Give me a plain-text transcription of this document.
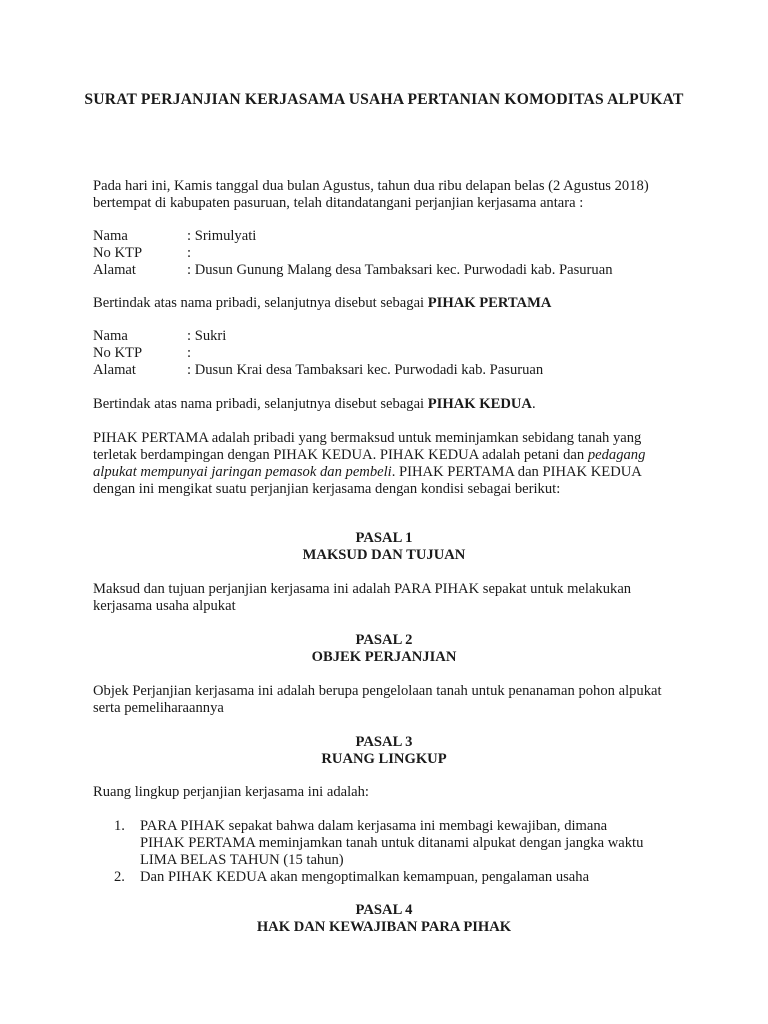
SURAT PERJANJIAN KERJASAMA USAHA PERTANIAN KOMODITAS ALPUKAT
Pada hari ini, Kamis tanggal dua bulan Agustus, tahun dua ribu delapan belas (2 Agustus 2018) bertempat di kabupaten pasuruan, telah ditandatangani perjanjian kerjasama antara :
Nama	: Srimulyati
No KTP	:
Alamat	: Dusun Gunung Malang desa Tambaksari kec. Purwodadi kab. Pasuruan
Bertindak atas nama pribadi, selanjutnya disebut sebagai PIHAK PERTAMA
Nama	: Sukri
No KTP	:
Alamat	: Dusun Krai desa Tambaksari kec. Purwodadi kab. Pasuruan
Bertindak atas nama pribadi, selanjutnya disebut sebagai PIHAK KEDUA.
PIHAK PERTAMA adalah pribadi yang bermaksud untuk meminjamkan sebidang tanah yang terletak berdampingan dengan PIHAK KEDUA. PIHAK KEDUA adalah petani dan pedagang alpukat mempunyai jaringan pemasok dan pembeli. PIHAK PERTAMA dan PIHAK KEDUA dengan ini mengikat suatu perjanjian kerjasama dengan kondisi sebagai berikut:
PASAL 1
MAKSUD DAN TUJUAN
Maksud dan tujuan perjanjian kerjasama ini adalah PARA PIHAK sepakat untuk melakukan kerjasama usaha alpukat
PASAL 2
OBJEK PERJANJIAN
Objek Perjanjian kerjasama ini adalah berupa pengelolaan tanah untuk penanaman pohon alpukat serta pemeliharaannya
PASAL 3
RUANG LINGKUP
Ruang lingkup perjanjian kerjasama ini adalah:
1. PARA PIHAK sepakat bahwa dalam kerjasama ini membagi kewajiban, dimana PIHAK PERTAMA meminjamkan tanah untuk ditanami alpukat dengan jangka waktu LIMA BELAS TAHUN (15 tahun)
2. Dan PIHAK KEDUA akan mengoptimalkan kemampuan, pengalaman usaha
PASAL 4
HAK DAN KEWAJIBAN PARA PIHAK
